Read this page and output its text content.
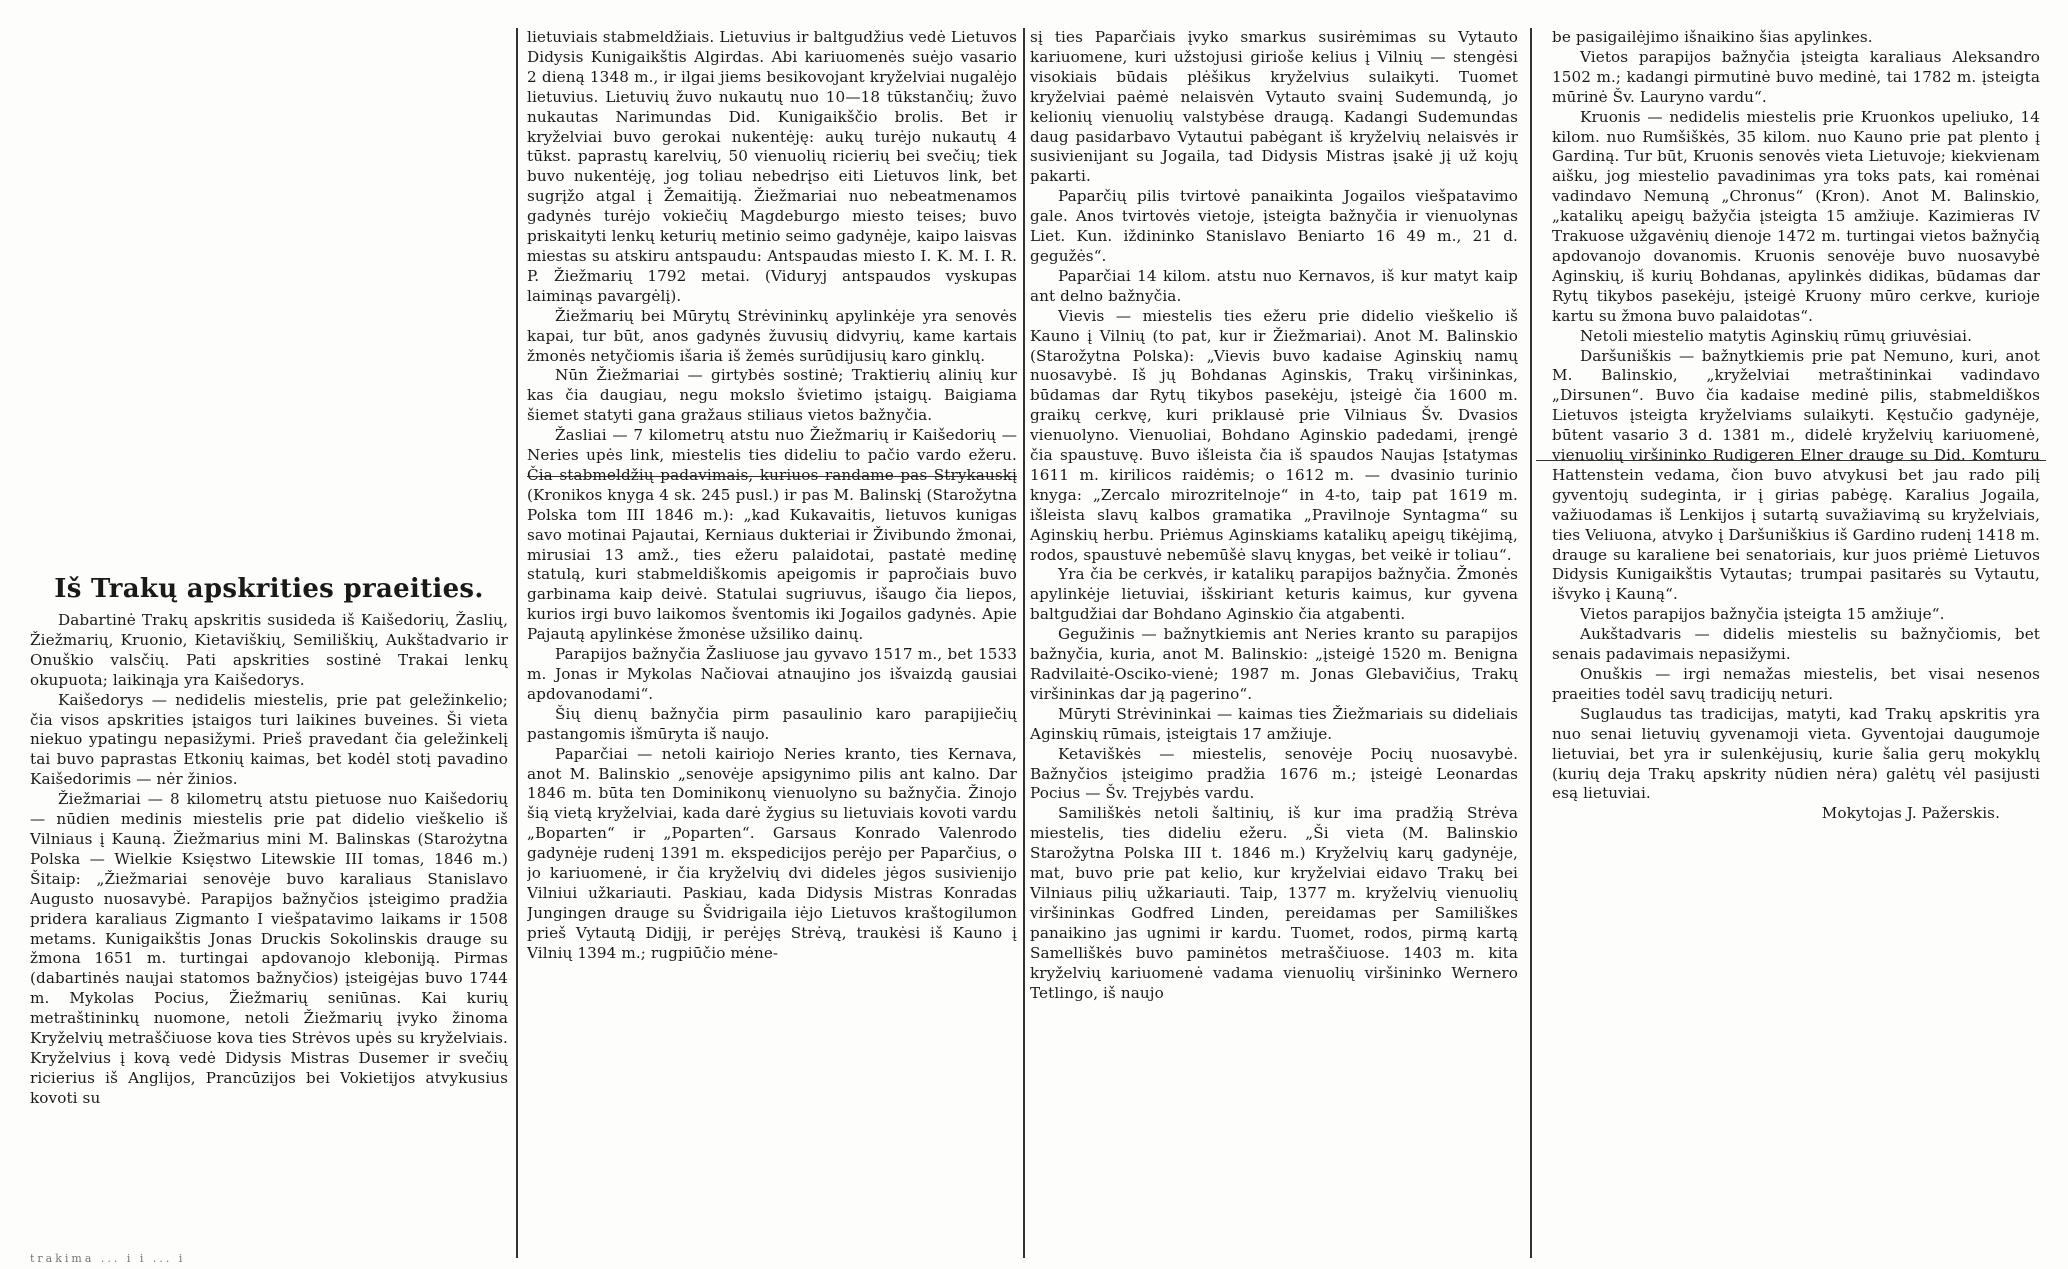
Iš Trakų apskrities praeities.

Dabartinė Trakų apskritis susideda iš Kaišedorių, Žaslių, Žiežmarių, Kruonio, Kietaviškių, Semiliškių, Aukštadvario ir Onuškio valsčių. Pati apskrities sostinė Trakai lenkų okupuota; laikinąja yra Kaišedorys.

Kaišedorys — nedidelis miestelis, prie pat geležinkelio; čia visos apskrities įstaigos turi laikines buveines. Ši vieta niekuo ypatingu nepasižymi. Prieš pravedant čia geležinkelį tai buvo paprastas Etkonių kaimas, bet kodėl stotį pavadino Kaišedorimis — nėr žinios.

Žiežmariai — 8 kilometrų atstu pietuose nuo Kaišedorių — nūdien medinis miestelis prie pat didelio vieškelio iš Vilniaus į Kauną. Žiežmarius mini M. Balinskas (Starożytna Polska — Wielkie Księstwo Litewskie III tomas, 1846 m.) Šitaip: „Žiežmariai senovėje buvo karaliaus Stanislavo Augusto nuosavybė. Parapijos bažnyčios įsteigimo pradžia pridera karaliaus Zigmanto I viešpatavimo laikams ir 1508 metams. Kunigaikštis Jonas Druckis Sokolinskis drauge su žmona 1651 m. turtingai apdovanojo kleboniją. Pirmas (dabartinės naujai statomos bažnyčios) įsteigėjas buvo 1744 m. Mykolas Pocius, Žiežmarių seniūnas. Kai kurių metraštininkų nuomone, netoli Žiežmarių įvyko žinoma Kryželvių metraščiuose kova ties Strėvos upės su kryželviais. Kryželvius į kovą vedė Didysis Mistras Dusemer ir svečių ricierius iš Anglijos, Prancūzijos bei Vokietijos atvykusius kovoti su

lietuviais stabmeldžiais. Lietuvius ir baltgudžius vedė Lietuvos Didysis Kunigaikštis Algirdas. Abi kariuomenės suėjo vasario 2 dieną 1348 m., ir ilgai jiems besikovojant kryželviai nugalėjo lietuvius. Lietuvių žuvo nukautų nuo 10—18 tūkstančių; žuvo nukautas Narimundas Did. Kunigaikščio brolis. Bet ir kryželviai buvo gerokai nukentėję: aukų turėjo nukautų 4 tūkst. paprastų karelvių, 50 vienuolių ricierių bei svečių; tiek buvo nukentėję, jog toliau nebedrįso eiti Lietuvos link, bet sugrįžo atgal į Žemaitiją. Žiežmariai nuo nebeatmenamos gadynės turėjo vokiečių Magdeburgo miesto teises; buvo priskaityti lenkų keturių metinio seimo gadynėje, kaipo laisvas miestas su atskiru antspaudu: Antspaudas miesto I. K. M. I. R. P. Žiežmarių 1792 metai. (Viduryj antspaudos vyskupas laiminąs pavargėlį).

Žiežmarių bei Mūrytų Strėvininkų apylinkėje yra senovės kapai, tur būt, anos gadynės žuvusių didvyrių, kame kartais žmonės netyčiomis išaria iš žemės surūdijusių karo ginklų.

Nūn Žiežmariai — girtybės sostinė; Traktierių alinių kur kas čia daugiau, negu mokslo švietimo įstaigų. Baigiama šiemet statyti gana gražaus stiliaus vietos bažnyčia.

Žasliai — 7 kilometrų atstu nuo Žiežmarių ir Kaišedorių — Neries upės link, miestelis ties dideliu to pačio vardo ežeru. Čia stabmeldžių padavimais, kuriuos randame pas Strykauskį (Kronikos knyga 4 sk. 245 pusl.) ir pas M. Balinskį (Starožytna Polska tom III 1846 m.): „kad Kukavaitis, lietuvos kunigas savo motinai Pajautai, Kerniaus dukteriai ir Živibundo žmonai, mirusiai 13 amž., ties ežeru palaidotai, pastatė medinę statulą, kuri stabmeldiškomis apeigomis ir papročiais buvo garbinama kaip deivė. Statulai sugriuvus, išaugo čia liepos, kurios irgi buvo laikomos šventomis iki Jogailos gadynės. Apie Pajautą apylinkėse žmonėse užsiliko dainų.

Parapijos bažnyčia Žasliuose jau gyvavo 1517 m., bet 1533 m. Jonas ir Mykolas Načiovai atnaujino jos išvaizdą gausiai apdovanodami“.

Šių dienų bažnyčia pirm pasaulinio karo parapijiečių pastangomis išmūryta iš naujo.

Paparčiai — netoli kairiojo Neries kranto, ties Kernava, anot M. Balinskio „senovėje apsigynimo pilis ant kalno. Dar 1846 m. būta ten Dominikonų vienuolyno su bažnyčia. Žinojo šią vietą kryželviai, kada darė žygius su lietuviais kovoti vardu „Boparten“ ir „Poparten“. Garsaus Konrado Valenrodo gadynėje rudenį 1391 m. ekspedicijos perėjo per Paparčius, o jo kariuomenė, ir čia kryželvių dvi dideles jėgos susivienijo Vilniui užkariauti. Paskiau, kada Didysis Mistras Konradas Jungingen drauge su Švidrigaila iėjo Lietuvos kraštogilumon prieš Vytautą Didįjį, ir perėjęs Strėvą, traukėsi iš Kauno į Vilnių 1394 m.; rugpiūčio mėne-

sį ties Paparčiais įvyko smarkus susirėmimas su Vytauto kariuomene, kuri užstojusi girioše kelius į Vilnių — stengėsi visokiais būdais plėšikus kryželvius sulaikyti. Tuomet kryželviai paėmė nelaisvėn Vytauto svainį Sudemundą, jo kelionių vienuolių valstybėse draugą. Kadangi Sudemundas daug pasidarbavo Vytautui pabėgant iš kryželvių nelaisvės ir susivienijant su Jogaila, tad Didysis Mistras įsakė jį už kojų pakarti.

Paparčių pilis tvirtovė panaikinta Jogailos viešpatavimo gale. Anos tvirtovės vietoje, įsteigta bažnyčia ir vienuolynas Liet. Kun. iždininko Stanislavo Beniarto 16 49 m., 21 d. gegužės“.

Paparčiai 14 kilom. atstu nuo Kernavos, iš kur matyt kaip ant delno bažnyčia.

Vievis — miestelis ties ežeru prie didelio vieškelio iš Kauno į Vilnių (to pat, kur ir Žiežmariai). Anot M. Balinskio (Starožytna Polska): „Vievis buvo kadaise Aginskių namų nuosavybė. Iš jų Bohdanas Aginskis, Trakų viršininkas, būdamas dar Rytų tikybos pasekėju, įsteigė čia 1600 m. graikų cerkvę, kuri priklausė prie Vilniaus Šv. Dvasios vienuolyno. Vienuoliai, Bohdano Aginskio padedami, įrengė čia spaustuvę. Buvo išleista čia iš spaudos Naujas Įstatymas 1611 m. kirilicos raidėmis; o 1612 m. — dvasinio turinio knyga: „Zercalo mirozritelnoje“ in 4-to, taip pat 1619 m. išleista slavų kalbos gramatika „Pravilnoje Syntagma“ su Aginskių herbu. Priėmus Aginskiams katalikų apeigų tikėjimą, rodos, spaustuvė nebemūšė slavų knygas, bet veikė ir toliau“.

Yra čia be cerkvės, ir katalikų parapijos bažnyčia. Žmonės apylinkėje lietuviai, išskiriant keturis kaimus, kur gyvena baltgudžiai dar Bohdano Aginskio čia atgabenti.

Gegužinis — bažnytkiemis ant Neries kranto su parapijos bažnyčia, kuria, anot M. Balinskio: „įsteigė 1520 m. Benigna Radvilaitė-Osciko-vienė; 1987 m. Jonas Glebavičius, Trakų viršininkas dar ją pagerino“.

Mūryti Strėvininkai — kaimas ties Žiežmariais su dideliais Aginskių rūmais, įsteigtais 17 amžiuje.

Ketaviškės — miestelis, senovėje Pocių nuosavybė. Bažnyčios įsteigimo pradžia 1676 m.; įsteigė Leonardas Pocius — Šv. Trejybės vardu.

Samiliškės netoli šaltinių, iš kur ima pradžią Strėva miestelis, ties dideliu ežeru. „Ši vieta (M. Balinskio Starožytna Polska III t. 1846 m.) Kryželvių karų gadynėje, mat, buvo prie pat kelio, kur kryželviai eidavo Trakų bei Vilniaus pilių užkariauti. Taip, 1377 m. kryželvių vienuolių viršininkas Godfred Linden, pereidamas per Samiliškes panaikino jas ugnimi ir kardu. Tuomet, rodos, pirmą kartą Samelliškės buvo paminėtos metraščiuose. 1403 m. kita kryželvių kariuomenė vadama vienuolių viršininko Wernero Tetlingo, iš naujo

be pasigailėjimo išnaikino šias apylinkes.

Vietos parapijos bažnyčia įsteigta karaliaus Aleksandro 1502 m.; kadangi pirmutinė buvo medinė, tai 1782 m. įsteigta mūrinė Šv. Lauryno vardu“.

Kruonis — nedidelis miestelis prie Kruonkos upeliuko, 14 kilom. nuo Rumšiškės, 35 kilom. nuo Kauno prie pat plento į Gardiną. Tur būt, Kruonis senovės vieta Lietuvoje; kiekvienam aišku, jog miestelio pavadinimas yra toks pats, kai romėnai vadindavo Nemuną „Chronus“ (Kron). Anot M. Balinskio, „katalikų apeigų bažyčia įsteigta 15 amžiuje. Kazimieras IV Trakuose užgavėnių dienoje 1472 m. turtingai vietos bažnyčią apdovanojo dovanomis. Kruonis senovėje buvo nuosavybė Aginskių, iš kurių Bohdanas, apylinkės didikas, būdamas dar Rytų tikybos pasekėju, įsteigė Kruony mūro cerkve, kurioje kartu su žmona buvo palaidotas“.

Netoli miestelio matytis Aginskių rūmų griuvėsiai.

Daršuniškis — bažnytkiemis prie pat Nemuno, kuri, anot M. Balinskio, „kryželviai metraštininkai vadindavo „Dirsunen“. Buvo čia kadaise medinė pilis, stabmeldiškos Lietuvos įsteigta kryželviams sulaikyti. Kęstučio gadynėje, būtent vasario 3 d. 1381 m., didelė kryželvių kariuomenė, vienuolių viršininko Rudigeren Elner drauge su Did. Komturu Hattenstein vedama, čion buvo atvykusi bet jau rado pilį gyventojų sudeginta, ir į girias pabėgę. Karalius Jogaila, važiuodamas iš Lenkijos į sutartą suvažiavimą su kryželviais, ties Veliuona, atvyko į Daršuniškius iš Gardino rudenį 1418 m. drauge su karaliene bei senatoriais, kur juos priėmė Lietuvos Didysis Kunigaikštis Vytautas; trumpai pasitarės su Vytautu, išvyko į Kauną“.

Vietos parapijos bažnyčia įsteigta 15 amžiuje“.

Aukštadvaris — didelis miestelis su bažnyčiomis, bet senais padavimais nepasižymi.

Onuškis — irgi nemažas miestelis, bet visai nesenos praeities todėl savų tradicijų neturi.

Suglaudus tas tradicijas, matyti, kad Trakų apskritis yra nuo senai lietuvių gyvenamoji vieta. Gyventojai daugumoje lietuviai, bet yra ir sulenkėjusių, kurie šalia gerų mokyklų (kurių deja Trakų apskrity nūdien nėra) galėtų vėl pasijusti esą lietuviai.

Mokytojas J. Pažerskis.

trakima ... i i ... i
